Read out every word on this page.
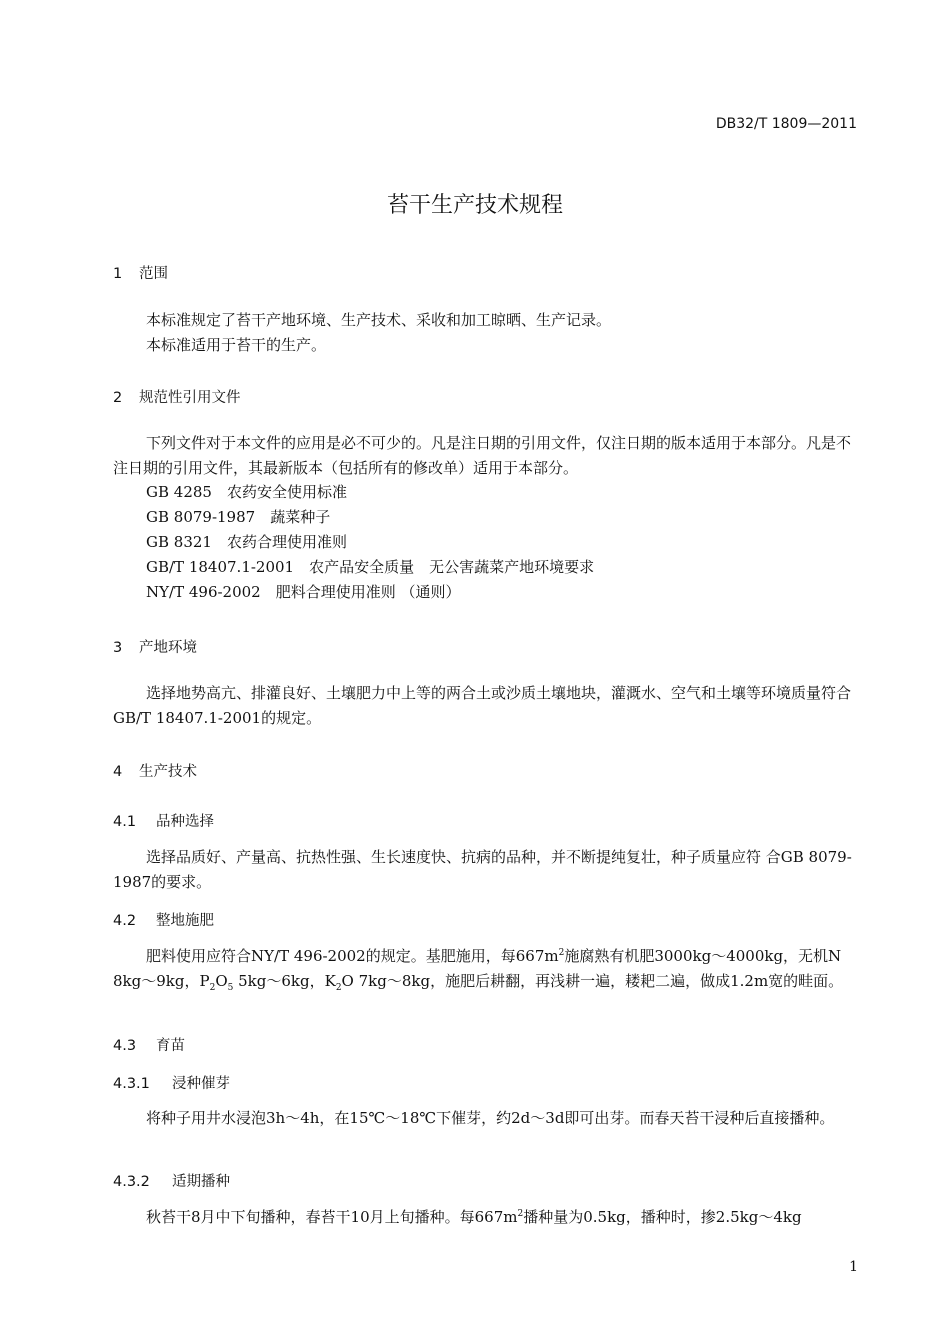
DB32/T 1809—2011
苔干生产技术规程
1 范围
本标准规定了苔干产地环境、生产技术、采收和加工晾晒、生产记录。
本标准适用于苔干的生产。
2 规范性引用文件
下列文件对于本文件的应用是必不可少的。凡是注日期的引用文件，仅注日期的版本适用于本部分。凡是不注日期的引用文件，其最新版本（包括所有的修改单）适用于本部分。
GB 4285　农药安全使用标准
GB 8079-1987　蔬菜种子
GB 8321　农药合理使用准则
GB/T 18407.1-2001　农产品安全质量　无公害蔬菜产地环境要求
NY/T 496-2002　肥料合理使用准则 （通则）
3 产地环境
选择地势高亢、排灌良好、土壤肥力中上等的两合土或沙质土壤地块，灌溉水、空气和土壤等环境质量符合GB/T 18407.1-2001的规定。
4 生产技术
4.1 品种选择
选择品质好、产量高、抗热性强、生长速度快、抗病的品种，并不断提纯复壮，种子质量应符 合GB 8079-1987的要求。
4.2 整地施肥
肥料使用应符合NY/T 496-2002的规定。基肥施用，每$667m^2$施腐熟有机肥3000kg～4000kg，无机N 8kg～9kg，$P_2O_5$ 5kg～6kg，$K_2O$ 7kg～8kg，施肥后耕翻，再浅耕一遍，耧耙二遍，做成1.2m宽的畦面。
4.3 育苗
4.3.1 浸种催芽
将种子用井水浸泡3h～4h，在15℃～18℃下催芽，约2d～3d即可出芽。而春天苔干浸种后直接播种。
4.3.2 适期播种
秋苔干8月中下旬播种，春苔干10月上旬播种。每$667m^2$播种量为0.5kg，播种时，掺2.5kg～4kg
1
